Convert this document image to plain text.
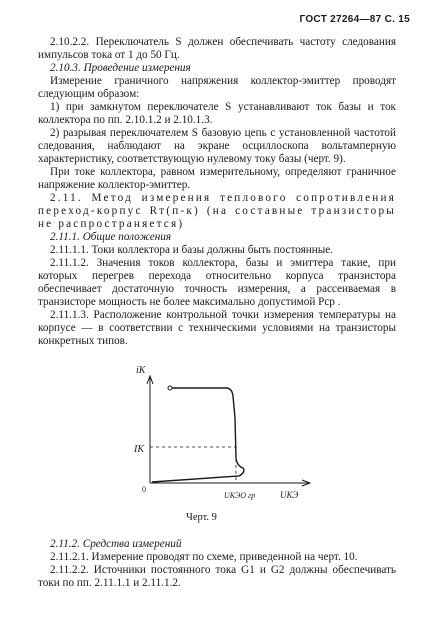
ГОСТ 27264—87 С. 15

2.10.2.2. Переключатель S должен обеспечивать частоту следования импульсов тока от 1 до 50 Гц.

2.10.3. Проведение измерения

Измерение граничного напряжения коллектор-эмиттер проводят следующим образом:

1) при замкнутом переключателе S устанавливают ток базы и ток коллектора по пп. 2.10.1.2 и 2.10.1.3.

2) разрывая переключателем S базовую цепь с установленной частотой следования, наблюдают на экране осциллоскопа вольтамперную характеристику, соответствующую нулевому току базы (черт. 9).

При токе коллектора, равном измерительному, определяют граничное напряжение коллектор-эмиттер.

2.11. Метод измерения теплового сопротивления переход-корпус Rт(п-к) (на составные транзисторы не распространяется)

2.11.1. Общие положения

2.11.1.1. Токи коллектора и базы должны быть постоянные.

2.11.1.2. Значения токов коллектора, базы и эмиттера такие, при которых перегрев перехода относительно корпуса транзистора обеспечивает достаточную точность измерения, а рассеиваемая в транзисторе мощность не более максимально допустимой Pср .

2.11.1.3. Расположение контрольной точки измерения температуры на корпусе — в соответствии с техническими условиями на транзисторы конкретных типов.

iК
IК
0
UКЭО гр	UКЭ
Черт. 9

2.11.2. Средства измерений

2.11.2.1. Измерение проводят по схеме, приведенной на черт. 10.

2.11.2.2. Источники постоянного тока G1 и G2 должны обеспечивать токи по пп. 2.11.1.1 и 2.11.1.2.
